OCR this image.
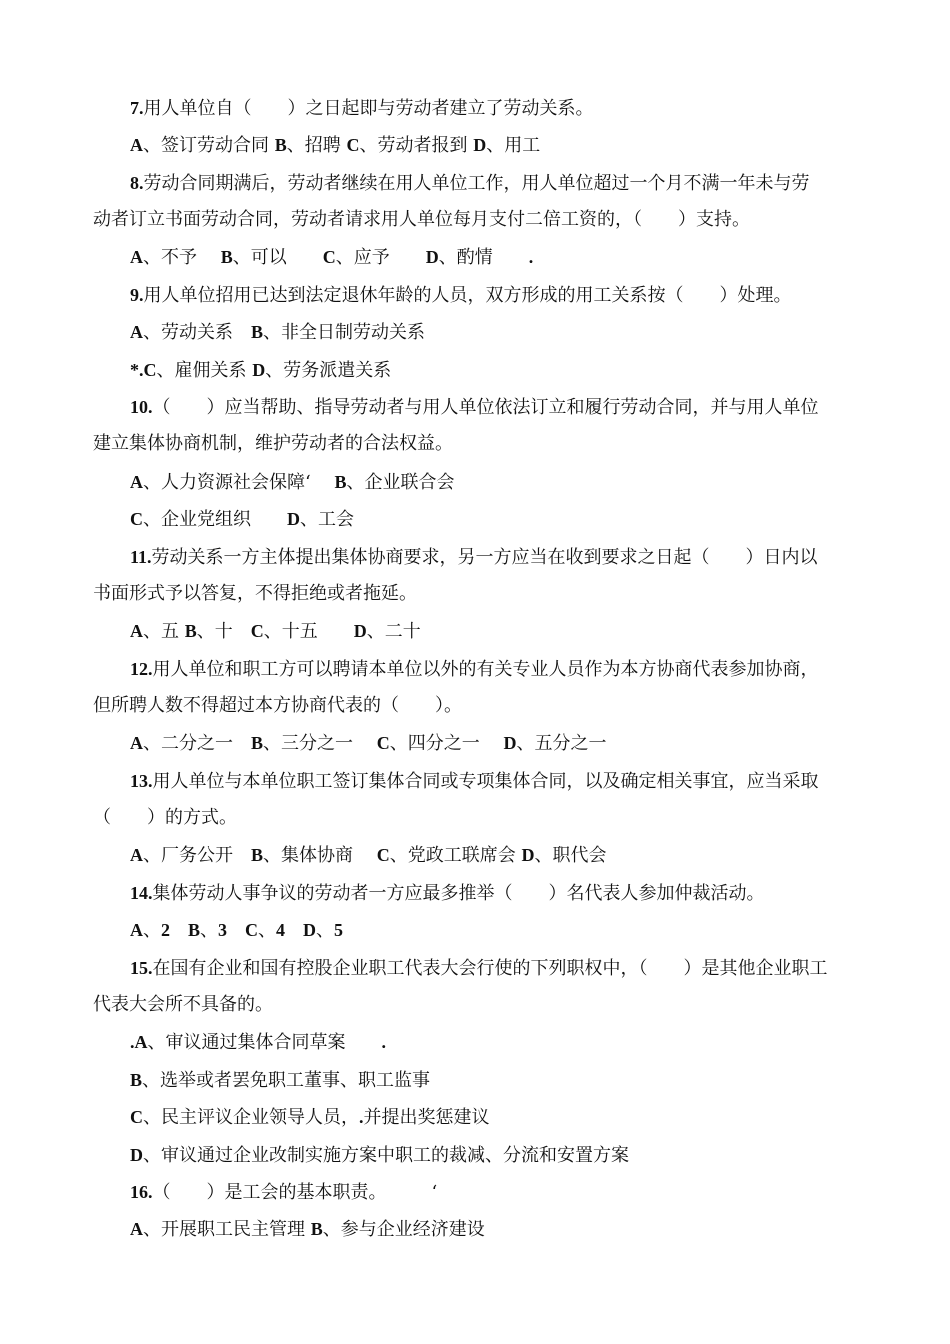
7.用人单位自（　　）之日起即与劳动者建立了劳动关系。
A、签订劳动合同 B、招聘 C、劳动者报到 D、用工
8.劳动合同期满后，劳动者继续在用人单位工作，用人单位超过一个月不满一年未与劳
动者订立书面劳动合同，劳动者请求用人单位每月支付二倍工资的，（　　）支持。
A、不予　 B、可以　　C、应予　　D、酌情　　.
9.用人单位招用已达到法定退休年龄的人员，双方形成的用工关系按（　　）处理。
A、劳动关系　B、非全日制劳动关系
*.C、雇佣关系 D、劳务派遣关系
10.（　　）应当帮助、指导劳动者与用人单位依法订立和履行劳动合同，并与用人单位
建立集体协商机制，维护劳动者的合法权益。
A、人力资源社会保障‘　 B、企业联合会
C、企业党组织　　D、工会
11.劳动关系一方主体提出集体协商要求，另一方应当在收到要求之日起（　　）日内以
书面形式予以答复，不得拒绝或者拖延。
A、五 B、十　C、十五　　D、二十
12.用人单位和职工方可以聘请本单位以外的有关专业人员作为本方协商代表参加协商，
但所聘人数不得超过本方协商代表的（　　）。
A、二分之一　B、三分之一　 C、四分之一　 D、五分之一
13.用人单位与本单位职工签订集体合同或专项集体合同，以及确定相关事宜，应当采取
（　　）的方式。
A、厂务公开　B、集体协商　 C、党政工联席会 D、职代会
14.集体劳动人事争议的劳动者一方应最多推举（　　）名代表人参加仲裁活动。
A、2　 B、3　 C、4　 D、5
15.在国有企业和国有控股企业职工代表大会行使的下列职权中，（　　）是其他企业职工
代表大会所不具备的。
.A、审议通过集体合同草案　　.
B、选举或者罢免职工董事、职工监事
C、民主评议企业领导人员，.并提出奖惩建议
D、审议通过企业改制实施方案中职工的裁减、分流和安置方案
16.（　　）是工会的基本职责。　　　‘
A、开展职工民主管理 B、参与企业经济建设
